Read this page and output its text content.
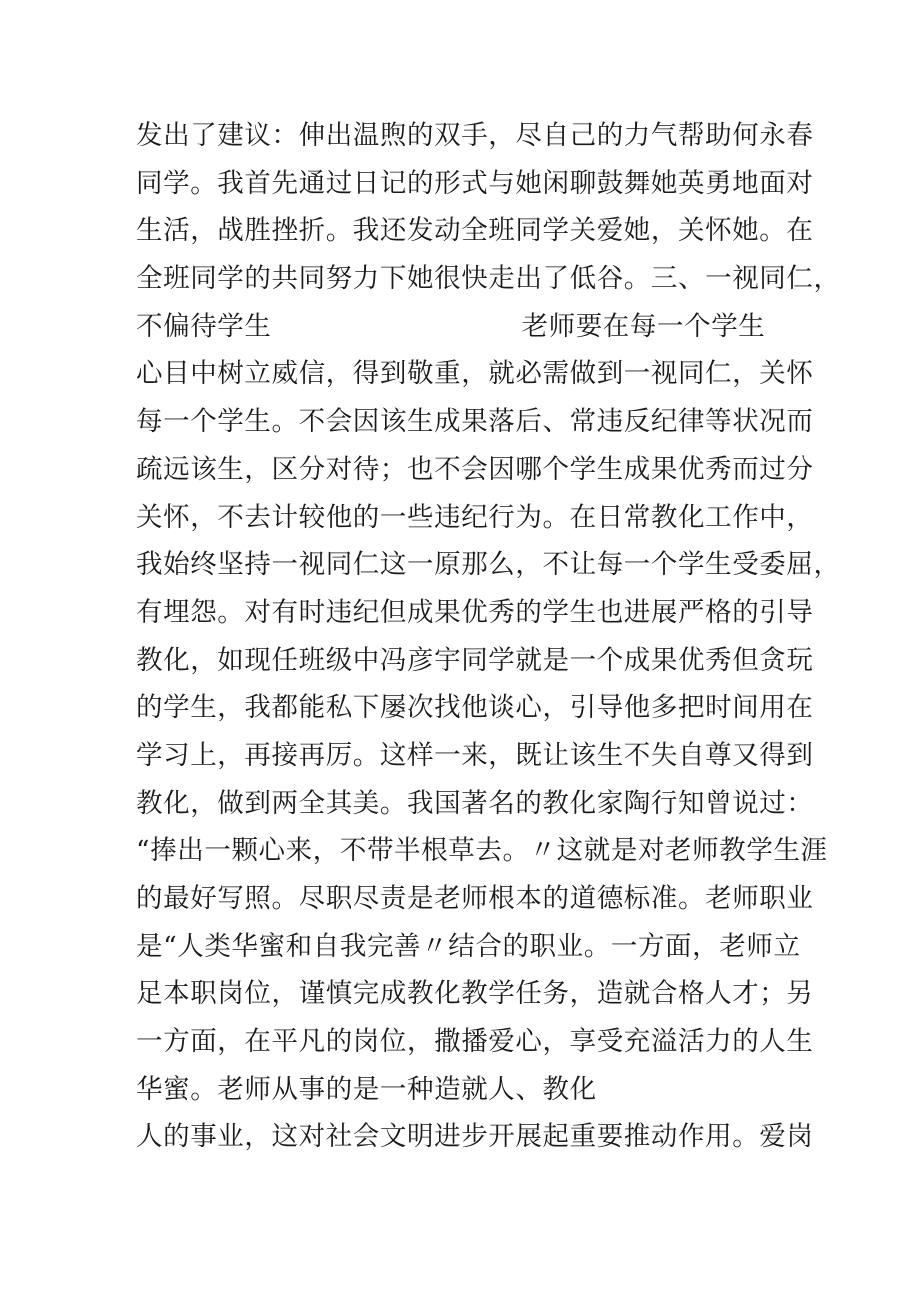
发出了建议：伸出温煦的双手，尽自己的力气帮助何永春
同学。我首先通过日记的形式与她闲聊鼓舞她英勇地面对
生活，战胜挫折。我还发动全班同学关爱她，关怀她。在
全班同学的共同努力下她很快走出了低谷。三、一视同仁，
不偏待学生	老师要在每一个学生
心目中树立威信，得到敬重，就必需做到一视同仁，关怀
每一个学生。不会因该生成果落后、常违反纪律等状况而
疏远该生，区分对待；也不会因哪个学生成果优秀而过分
关怀，不去计较他的一些违纪行为。在日常教化工作中，
我始终坚持一视同仁这一原那么，不让每一个学生受委屈，
有埋怨。对有时违纪但成果优秀的学生也进展严格的引导
教化，如现任班级中冯彦宇同学就是一个成果优秀但贪玩
的学生，我都能私下屡次找他谈心，引导他多把时间用在
学习上，再接再厉。这样一来，既让该生不失自尊又得到
教化，做到两全其美。我国著名的教化家陶行知曾说过：
“捧出一颗心来，不带半根草去。〃这就是对老师教学生涯
的最好写照。尽职尽责是老师根本的道德标准。老师职业
是“人类华蜜和自我完善〃结合的职业。一方面，老师立
足本职岗位，谨慎完成教化教学任务，造就合格人才；另
一方面，在平凡的岗位，撒播爱心，享受充溢活力的人生
华蜜。老师从事的是一种造就人、教化
人的事业，这对社会文明进步开展起重要推动作用。爱岗
